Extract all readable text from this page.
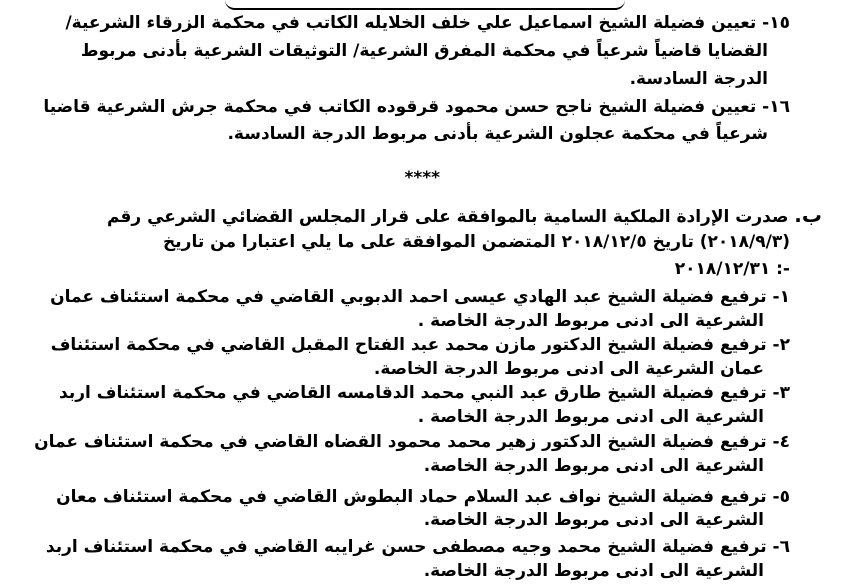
١٥- تعيين فضيلة الشيخ اسماعيل علي خلف الخلايله الكاتب في محكمة الزرقاء الشرعية/
القضايا قاضياً شرعياً في محكمة المفرق الشرعية/ التوثيقات الشرعية بأدنى مربوط
الدرجة السادسة.
١٦- تعيين فضيلة الشيخ ناجح حسن محمود قرقوده الكاتب في محكمة جرش الشرعية قاضيا
شرعياً في محكمة عجلون الشرعية بأدنى مربوط الدرجة السادسة.
****
ب. صدرت الإرادة الملكية السامية بالموافقة على قرار المجلس القضائي الشرعي رقم
(٢٠١٨/٩/٣) تاريخ ٢٠١٨/١٢/٥ المتضمن الموافقة على ما يلي اعتبارا من تاريخ
٢٠١٨/١٢/٣١ :-
١- ترفيع فضيلة الشيخ عبد الهادي عيسى احمد الدبوبي القاضي في محكمة استئناف عمان
الشرعية الى ادنى مربوط الدرجة الخاصة .
٢- ترفيع فضيلة الشيخ الدكتور مازن محمد عبد الفتاح المقبل القاضي في محكمة استئناف
عمان الشرعية الى ادنى مربوط الدرجة الخاصة.
٣- ترفيع فضيلة الشيخ طارق عبد النبي محمد الدقامسه القاضي في محكمة استئناف اربد
الشرعية الى ادنى مربوط الدرجة الخاصة .
٤- ترفيع فضيلة الشيخ الدكتور زهير محمد محمود القضاه القاضي في محكمة استئناف عمان
الشرعية الى ادنى مربوط الدرجة الخاصة.
٥- ترفيع فضيلة الشيخ نواف عبد السلام حماد البطوش القاضي في محكمة استئناف معان
الشرعية الى ادنى مربوط الدرجة الخاصة.
٦- ترفيع فضيلة الشيخ محمد وجيه مصطفى حسن غرايبه القاضي في محكمة استئناف اربد
الشرعية الى ادنى مربوط الدرجة الخاصة.
